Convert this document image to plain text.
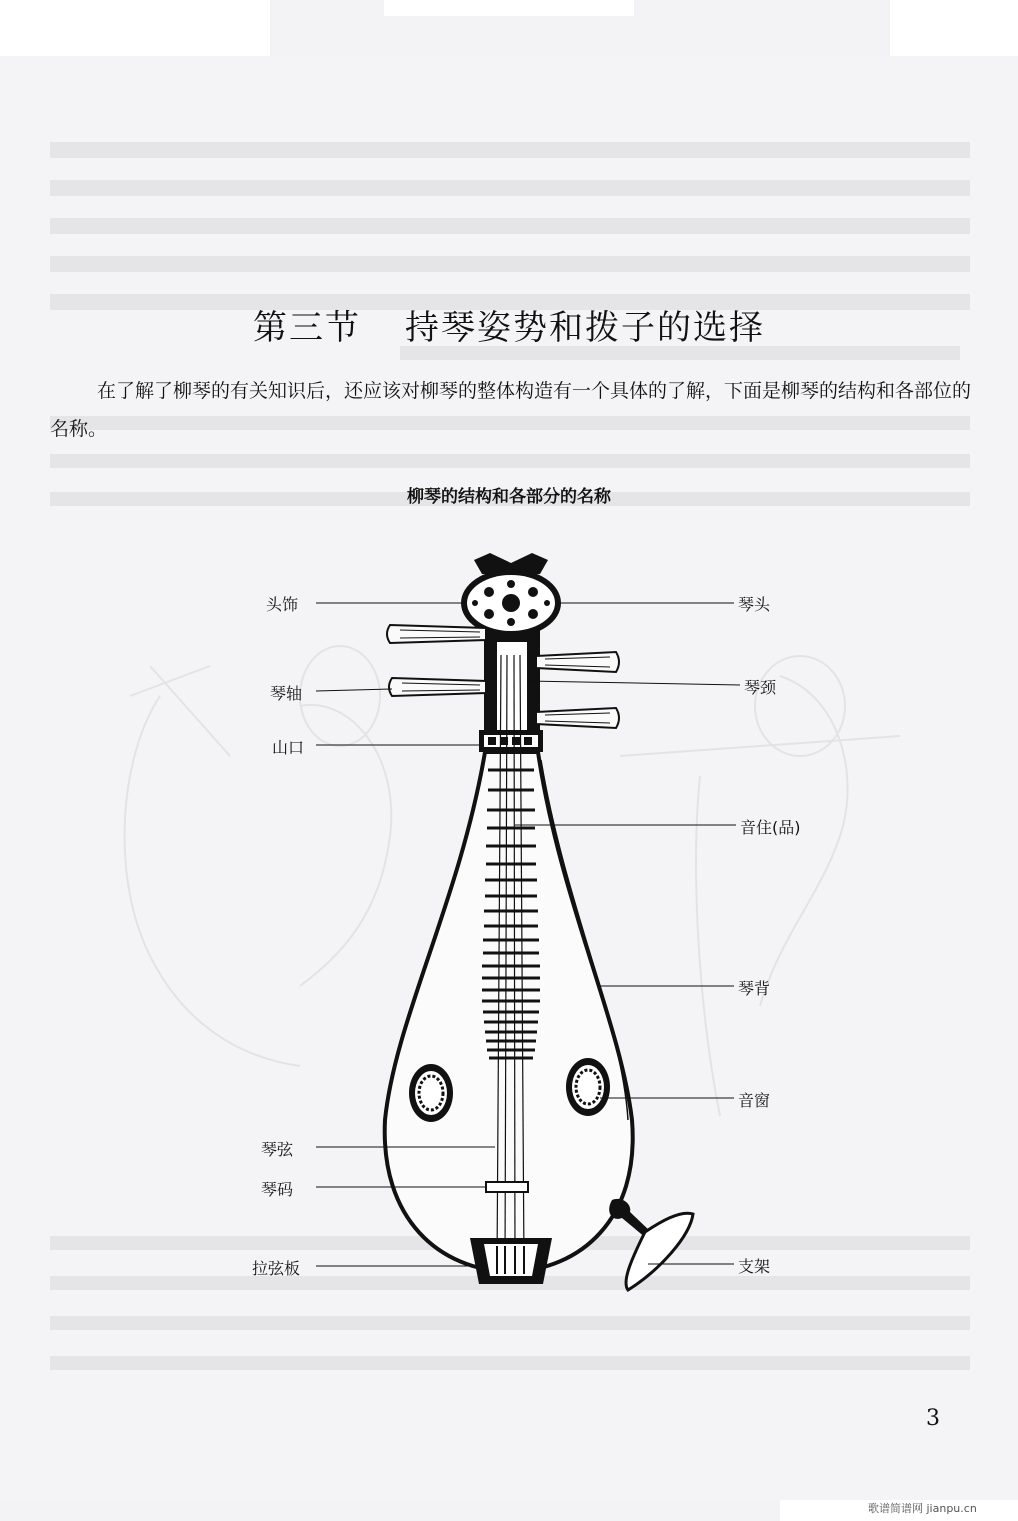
第三节 持琴姿势和拨子的选择
在了解了柳琴的有关知识后，还应该对柳琴的整体构造有一个具体的了解，下面是柳琴的结构和各部位的名称。
柳琴的结构和各部分的名称
头饰
琴轴
山口
琴弦
琴码
拉弦板
琴头
琴颈
音住(品)
琴背
音窗
支架
3
歌谱简谱网 jianpu.cn
